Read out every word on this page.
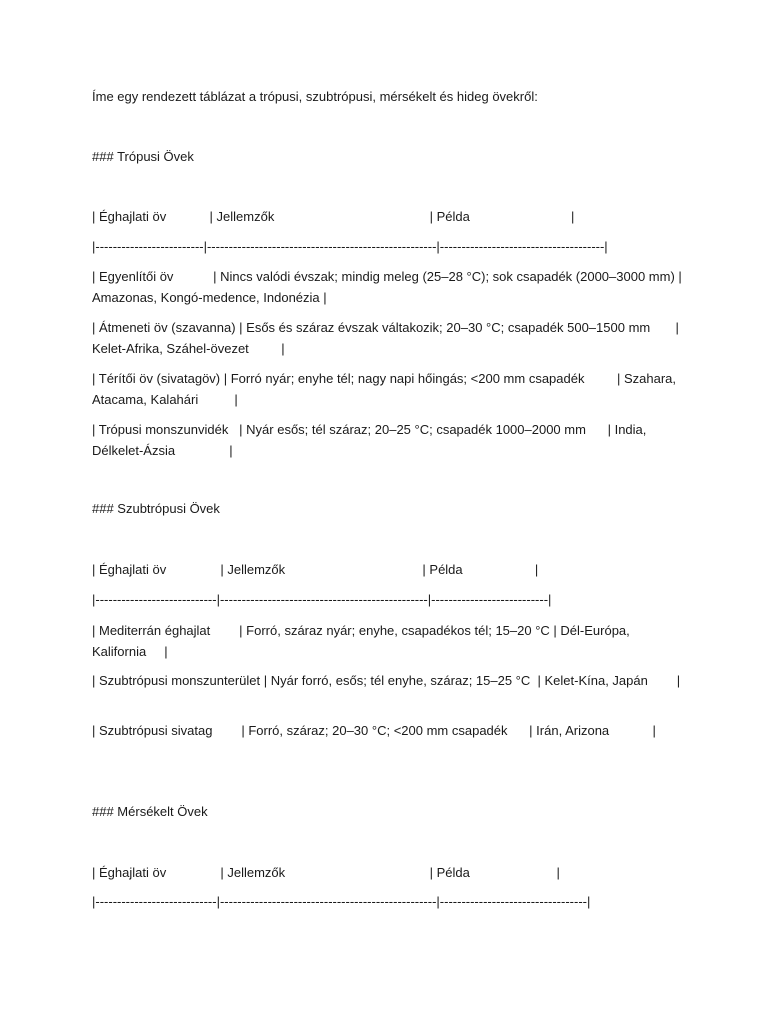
Íme egy rendezett táblázat a trópusi, szubtrópusi, mérsékelt és hideg övekről:

### Trópusi Övek

| Éghajlati öv            | Jellemzők                                           | Példa                            |

|-------------------------|-----------------------------------------------------|--------------------------------------|

| Egyenlítői öv           | Nincs valódi évszak; mindig meleg (25–28 °C); sok csapadék (2000–3000 mm) | Amazonas, Kongó-medence, Indonézia |

| Átmeneti öv (szavanna) | Esős és száraz évszak váltakozik; 20–30 °C; csapadék 500–1500 mm       | Kelet-Afrika, Száhel-övezet         |

| Térítői öv (sivatagöv) | Forró nyár; enyhe tél; nagy napi hőingás; <200 mm csapadék         | Szahara, Atacama, Kalahári          |

| Trópusi monszunvidék   | Nyár esős; tél száraz; 20–25 °C; csapadék 1000–2000 mm      | India, Délkelet-Ázsia               |

### Szubtrópusi Övek

| Éghajlati öv               | Jellemzők                                      | Példa                    |

|----------------------------|------------------------------------------------|---------------------------|

| Mediterrán éghajlat        | Forró, száraz nyár; enyhe, csapadékos tél; 15–20 °C | Dél-Európa, Kalifornia     |

| Szubtrópusi monszunterület | Nyár forró, esős; tél enyhe, száraz; 15–25 °C  | Kelet-Kína, Japán        |

| Szubtrópusi sivatag        | Forró, száraz; 20–30 °C; <200 mm csapadék      | Irán, Arizona            |

### Mérsékelt Övek

| Éghajlati öv               | Jellemzők                                        | Példa                        |

|----------------------------|--------------------------------------------------|----------------------------------|
